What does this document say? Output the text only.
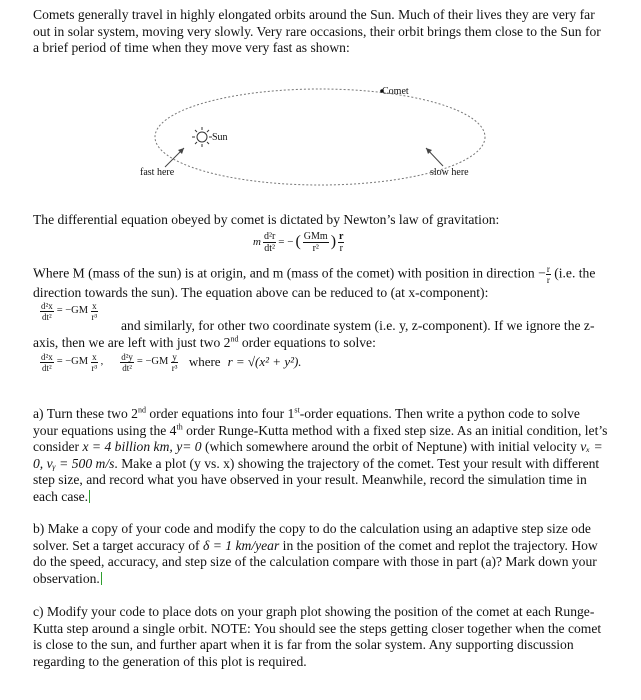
Comets generally travel in highly elongated orbits around the Sun. Much of their lives they are very far out in solar system, moving very slowly. Very rare occasions, their orbit brings them close to the Sun for a brief period of time when they move very fast as shown:
Comet
Sun
fast here	slow here
The differential equation obeyed by comet is dictated by Newton’s law of gravitation:
m $\frac{\text{d²r}}{\text{dt²}}$ = − ( $\frac{\text{GMm}}{\text{r²}}$ ) $\frac{r}{r}$
Where M (mass of the sun) is at origin, and m (mass of the comet) with position in direction − $\frac{r}{r} (i.e$. the direction towards the sun). The equation above can be reduced to (at x-component):
$\frac{\text{d²x}}{\text{dt²}} = -GM \frac{x}{\text{r³}}$
and similarly, for other two coordinate system (i.e. y, z-component). If we ignore the z-axis, then we are left with just two 2nd order equations to solve:
$\frac{\text{d²x}}{\text{dt²}} = -GM \frac{x}{\text{r³}}$ , $\frac{\text{d²y}}{\text{dt²}} = -GM \frac{y}{\text{r³}}$ where r = √(x² + y²).
a) Turn these two 2nd order equations into four 1st-order equations. Then write a python code to solve your equations using the 4th order Runge-Kutta method with a fixed step size. As an initial condition, let’s consider x = 4 billion km, y= 0 (which somewhere around the orbit of Neptune) with initial velocity vₓ = 0, vᵧ = 500 m/s. Make a plot (y vs. x) showing the trajectory of the comet. Test your result with different step size, and record what you have observed in your result. Meanwhile, record the simulation time in each case.
b) Make a copy of your code and modify the copy to do the calculation using an adaptive step size ode solver. Set a target accuracy of δ = 1 km/year in the position of the comet and replot the trajectory. How do the speed, accuracy, and step size of the calculation compare with those in part (a)? Mark down your observation.
c) Modify your code to place dots on your graph plot showing the position of the comet at each Runge-Kutta step around a single orbit. NOTE: You should see the steps getting closer together when the comet is close to the sun, and further apart when it is far from the solar system. Any supporting discussion regarding to the generation of this plot is required.
